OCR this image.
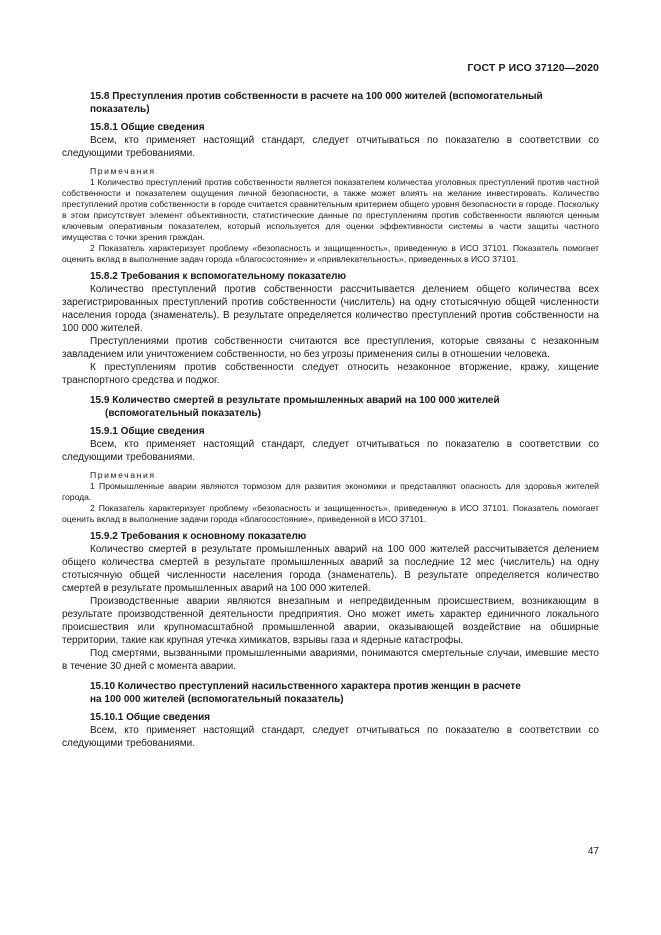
ГОСТ Р ИСО 37120—2020
15.8 Преступления против собственности в расчете на 100 000 жителей (вспомогательный показатель)
15.8.1 Общие сведения

Всем, кто применяет настоящий стандарт, следует отчитываться по показателю в соответствии со следующими требованиями.

Примечания

1 Количество преступлений против собственности является показателем количества уголовных преступлений против частной собственности и показателем ощущения личной безопасности, а также может влиять на желание инвестировать. Количество преступлений против собственности в городе считается сравнительным критерием общего уровня безопасности в городе. Поскольку в этом присутствует элемент объективности, статистические данные по преступлениям против собственности являются ценным ключевым оперативным показателем, который используется для оценки эффективности системы в части защиты частного имущества с точки зрения граждан.

2 Показатель характеризует проблему «безопасность и защищенность», приведенную в ИСО 37101. Показатель помогает оценить вклад в выполнение задач города «благосостояние» и «привлекательность», приведенных в ИСО 37101.

15.8.2 Требования к вспомогательному показателю

Количество преступлений против собственности рассчитывается делением общего количества всех зарегистрированных преступлений против собственности (числитель) на одну стотысячную общей численности населения города (знаменатель). В результате определяется количество преступлений против собственности на 100 000 жителей.

Преступлениями против собственности считаются все преступления, которые связаны с незаконным завладением или уничтожением собственности, но без угрозы применения силы в отношении человека.

К преступлениям против собственности следует относить незаконное вторжение, кражу, хищение транспортного средства и поджог.

15.9 Количество смертей в результате промышленных аварий на 100 000 жителей
(вспомогательный показатель)
15.9.1 Общие сведения

Всем, кто применяет настоящий стандарт, следует отчитываться по показателю в соответствии со следующими требованиями.

Примечания

1 Промышленные аварии являются тормозом для развития экономики и представляют опасность для здоровья жителей города.

2 Показатель характеризует проблему «безопасность и защищенность», приведенную в ИСО 37101. Показатель помогает оценить вклад в выполнение задачи города «благосостояние», приведенной в ИСО 37101.

15.9.2 Требования к основному показателю

Количество смертей в результате промышленных аварий на 100 000 жителей рассчитывается делением общего количества смертей в результате промышленных аварий за последние 12 мес (числитель) на одну стотысячную общей численности населения города (знаменатель). В результате определяется количество смертей в результате промышленных аварий на 100 000 жителей.

Производственные аварии являются внезапным и непредвиденным происшествием, возникающим в результате производственной деятельности предприятия. Оно может иметь характер единичного локального происшествия или крупномасштабной промышленной аварии, оказывающей воздействие на обширные территории, такие как крупная утечка химикатов, взрывы газа и ядерные катастрофы.

Под смертями, вызванными промышленными авариями, понимаются смертельные случаи, имевшие место в течение 30 дней с момента аварии.

15.10 Количество преступлений насильственного характера против женщин в расчете
на 100 000 жителей (вспомогательный показатель)
15.10.1 Общие сведения

Всем, кто применяет настоящий стандарт, следует отчитываться по показателю в соответствии со следующими требованиями.

47
